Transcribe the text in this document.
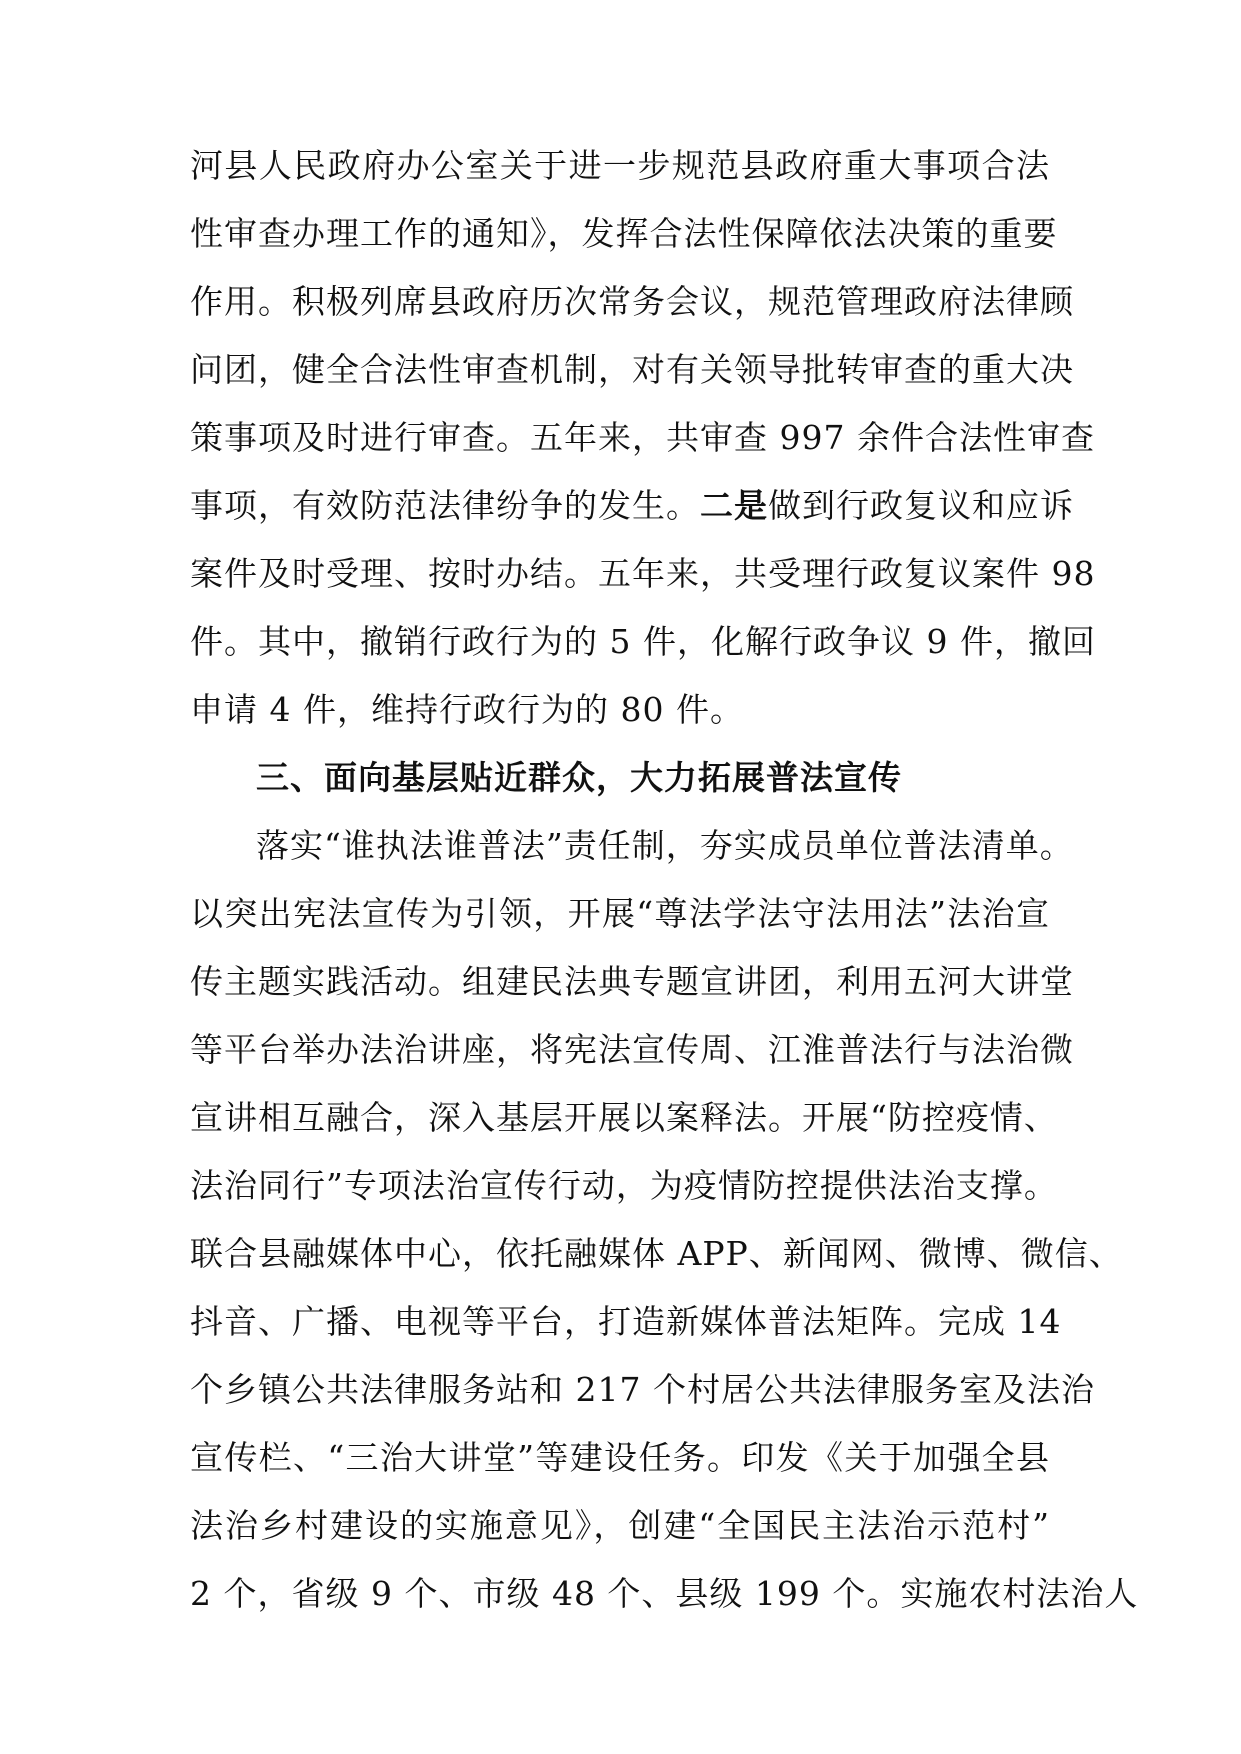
河县人民政府办公室关于进一步规范县政府重大事项合法
性审查办理工作的通知》，发挥合法性保障依法决策的重要
作用。积极列席县政府历次常务会议，规范管理政府法律顾
问团，健全合法性审查机制，对有关领导批转审查的重大决
策事项及时进行审查。五年来，共审查 997 余件合法性审查
事项，有效防范法律纷争的发生。二是做到行政复议和应诉
案件及时受理、按时办结。五年来，共受理行政复议案件 98
件。其中，撤销行政行为的 5 件，化解行政争议 9 件，撤回
申请 4 件，维持行政行为的 80 件。
三、面向基层贴近群众，大力拓展普法宣传
落实“谁执法谁普法”责任制，夯实成员单位普法清单。
以突出宪法宣传为引领，开展“尊法学法守法用法”法治宣
传主题实践活动。组建民法典专题宣讲团，利用五河大讲堂
等平台举办法治讲座，将宪法宣传周、江淮普法行与法治微
宣讲相互融合，深入基层开展以案释法。开展“防控疫情、
法治同行”专项法治宣传行动，为疫情防控提供法治支撑。
联合县融媒体中心，依托融媒体 APP、新闻网、微博、微信、
抖音、广播、电视等平台，打造新媒体普法矩阵。完成 14
个乡镇公共法律服务站和 217 个村居公共法律服务室及法治
宣传栏、“三治大讲堂”等建设任务。印发《关于加强全县
法治乡村建设的实施意见》，创建“全国民主法治示范村”
2 个，省级 9 个、市级 48 个、县级 199 个。实施农村法治人
